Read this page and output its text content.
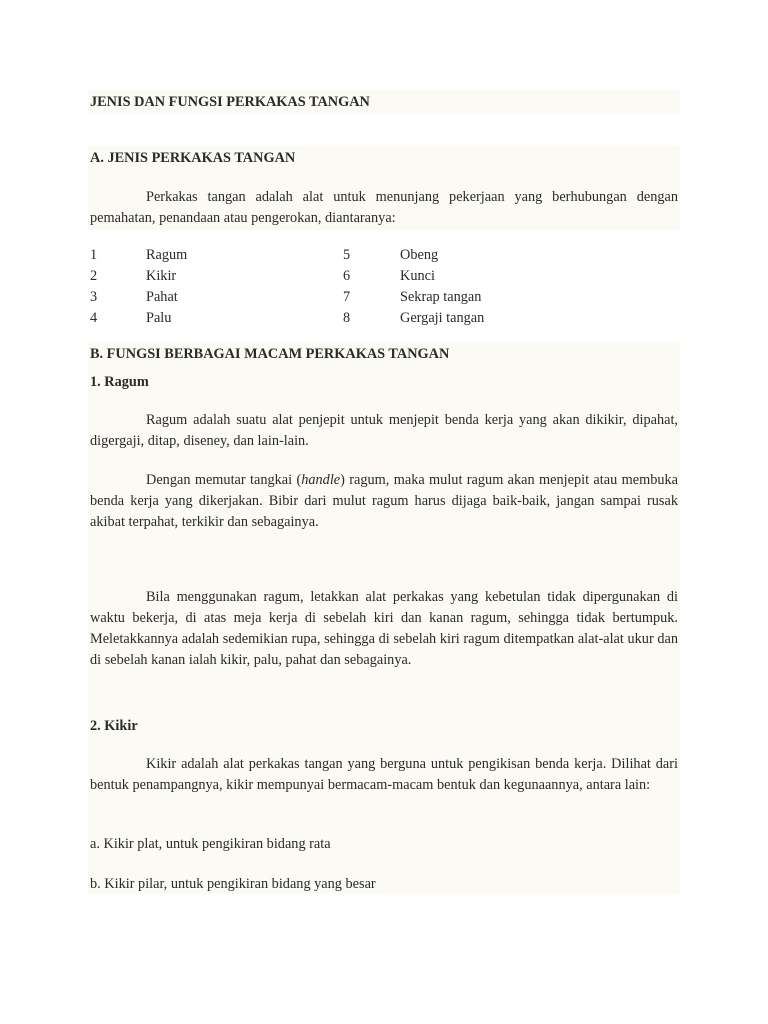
JENIS DAN FUNGSI PERKAKAS TANGAN

A. JENIS PERKAKAS TANGAN

Perkakas tangan adalah alat untuk menunjang pekerjaan yang berhubungan dengan pemahatan, penandaan atau pengerokan, diantaranya:

1
2
3
4
Ragum
Kikir
Pahat
Palu
5
6
7
8
Obeng
Kunci
Sekrap tangan
Gergaji tangan

B. FUNGSI BERBAGAI MACAM PERKAKAS TANGAN

1. Ragum

Ragum adalah suatu alat penjepit untuk menjepit benda kerja yang akan dikikir, dipahat, digergaji, ditap, diseney, dan lain-lain.

Dengan memutar tangkai (handle) ragum, maka mulut ragum akan menjepit atau membuka benda kerja yang dikerjakan. Bibir dari mulut ragum harus dijaga baik-baik, jangan sampai rusak akibat terpahat, terkikir dan sebagainya.

Bila menggunakan ragum, letakkan alat perkakas yang kebetulan tidak dipergunakan di waktu bekerja, di atas meja kerja di sebelah kiri dan kanan ragum, sehingga tidak bertumpuk. Meletakkannya adalah sedemikian rupa, sehingga di sebelah kiri ragum ditempatkan alat-alat ukur dan di sebelah kanan ialah kikir, palu, pahat dan sebagainya.

2. Kikir

Kikir adalah alat perkakas tangan yang berguna untuk pengikisan benda kerja. Dilihat dari bentuk penampangnya, kikir mempunyai bermacam-macam bentuk dan kegunaannya, antara lain:

a. Kikir plat, untuk pengikiran bidang rata

b. Kikir pilar, untuk pengikiran bidang yang besar
